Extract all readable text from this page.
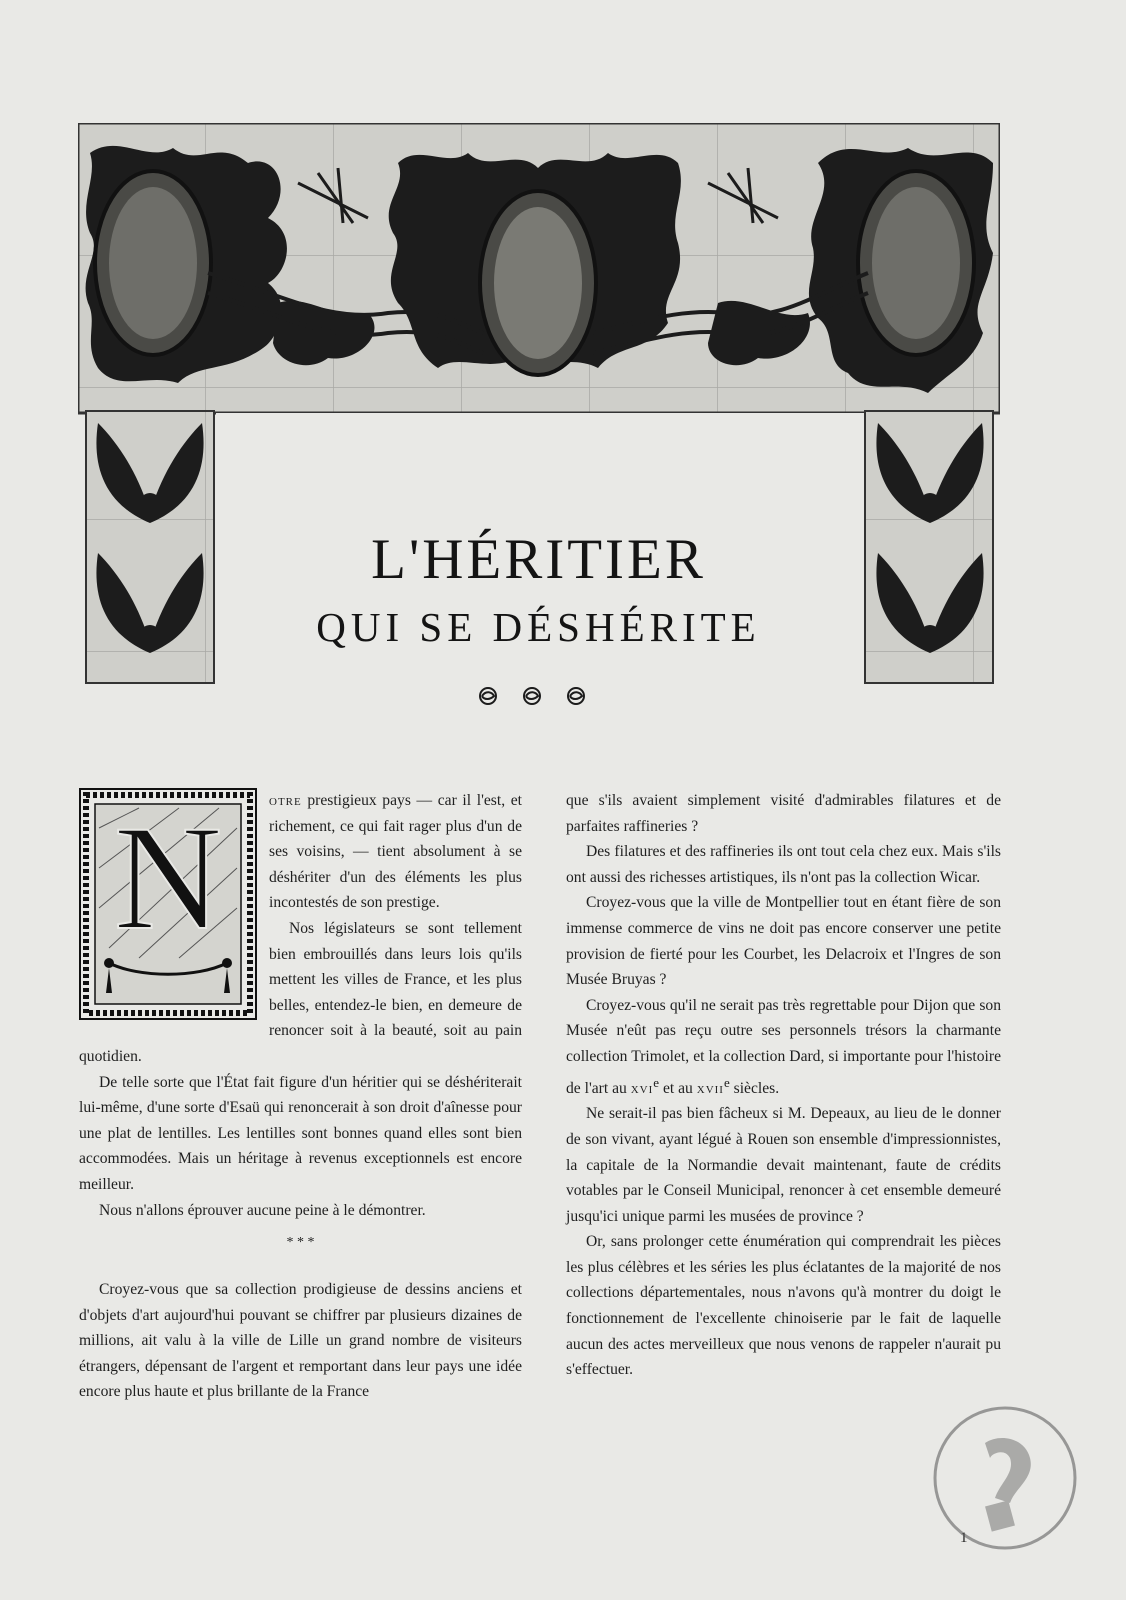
L'HÉRITIER
QUI SE DÉSHÉRITE
N	otre prestigieux pays — car il l'est, et richement, ce qui fait rager plus d'un de ses voisins, — tient absolument à se déshériter d'un des éléments les plus incontestés de son prestige.

Nos législateurs se sont tellement bien embrouillés dans leurs lois qu'ils mettent les villes de France, et les plus belles, entendez-le bien, en demeure de renoncer soit à la beauté, soit au pain quotidien.

De telle sorte que l'État fait figure d'un héritier qui se déshériterait lui-même, d'une sorte d'Esaü qui renoncerait à son droit d'aînesse pour une plat de lentilles. Les lentilles sont bonnes quand elles sont bien accommodées. Mais un héritage à revenus exceptionnels est encore meilleur.

Nous n'allons éprouver aucune peine à le démontrer.

* * *

Croyez-vous que sa collection prodigieuse de dessins anciens et d'objets d'art aujourd'hui pouvant se chiffrer par plusieurs dizaines de millions, ait valu à la ville de Lille un grand nombre de visiteurs étrangers, dépensant de l'argent et remportant dans leur pays une idée encore plus haute et plus brillante de la France

que s'ils avaient simplement visité d'admirables filatures et de parfaites raffineries ?

Des filatures et des raffineries ils ont tout cela chez eux. Mais s'ils ont aussi des richesses artistiques, ils n'ont pas la collection Wicar.

Croyez-vous que la ville de Montpellier tout en étant fière de son immense commerce de vins ne doit pas encore conserver une petite provision de fierté pour les Courbet, les Delacroix et l'Ingres de son Musée Bruyas ?

Croyez-vous qu'il ne serait pas très regrettable pour Dijon que son Musée n'eût pas reçu outre ses personnels trésors la charmante collection Trimolet, et la collection Dard, si importante pour l'histoire de l'art au xvi$^e$ et au xvii$^e$ siècles.

Ne serait-il pas bien fâcheux si M. Depeaux, au lieu de le donner de son vivant, ayant légué à Rouen son ensemble d'impressionnistes, la capitale de la Normandie devait maintenant, faute de crédits votables par le Conseil Municipal, renoncer à cet ensemble demeuré jusqu'ici unique parmi les musées de province ?

Or, sans prolonger cette énumération qui comprendrait les pièces les plus célèbres et les séries les plus éclatantes de la majorité de nos collections départementales, nous n'avons qu'à montrer du doigt le fonctionnement de l'excellente chinoiserie par le fait de laquelle aucun des actes merveilleux que nous venons de rappeler n'aurait pu s'effectuer.

1
